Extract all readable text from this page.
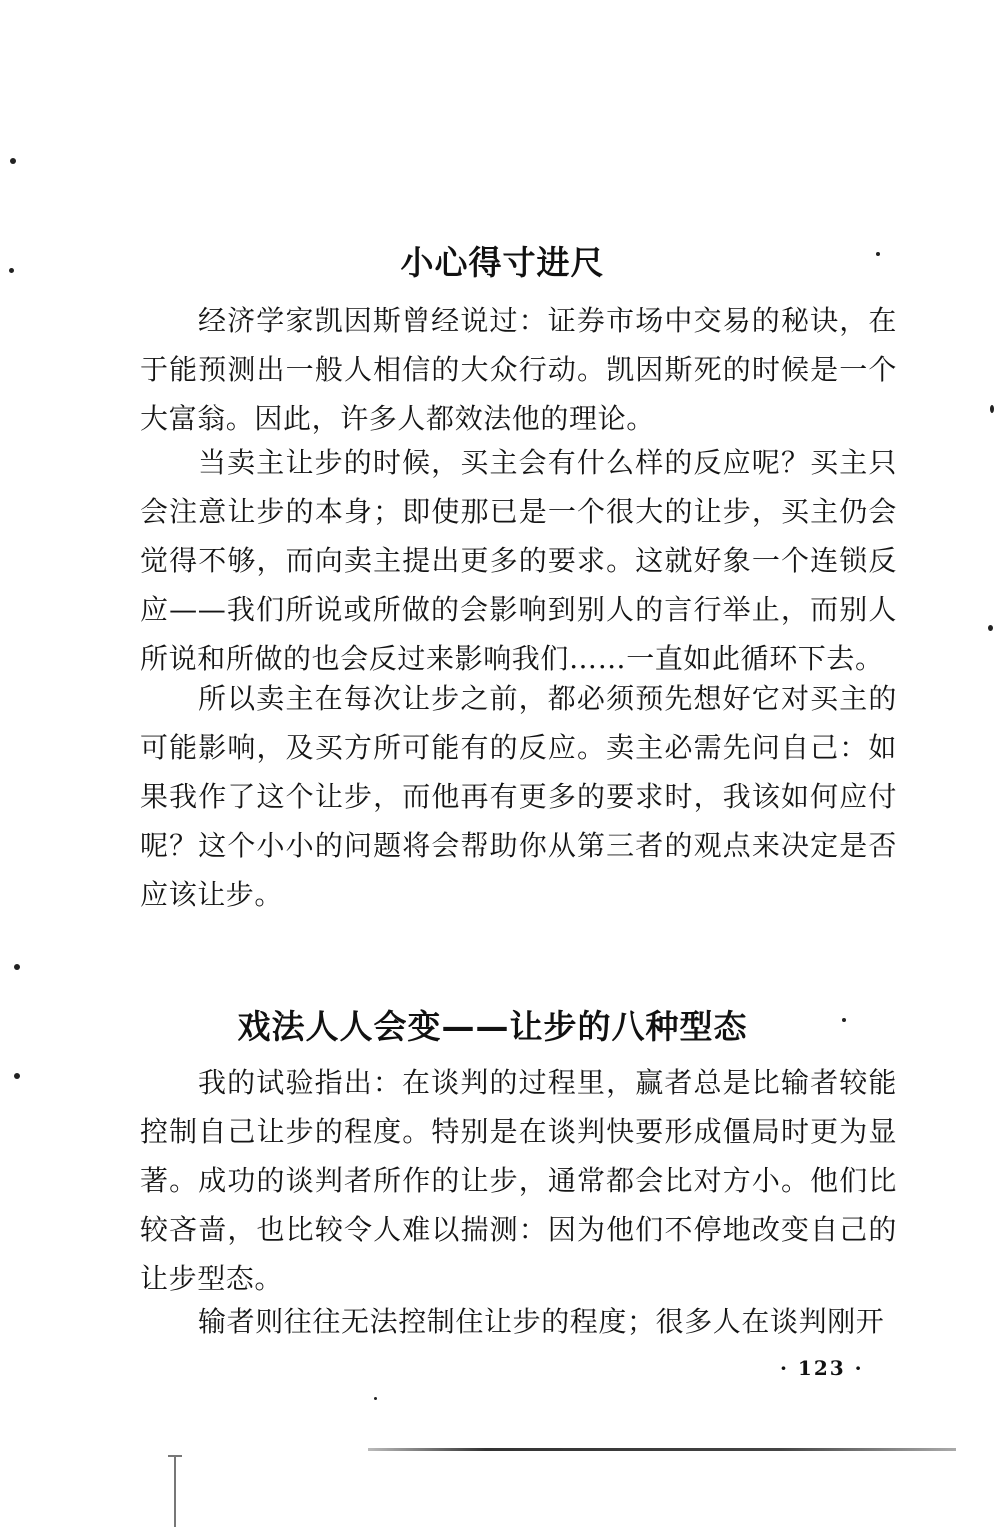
小心得寸进尺

经济学家凯因斯曾经说过：证券市场中交易的秘诀，在于能预测出一般人相信的大众行动。凯因斯死的时候是一个大富翁。因此，许多人都效法他的理论。

当卖主让步的时候，买主会有什么样的反应呢？买主只会注意让步的本身；即使那已是一个很大的让步，买主仍会觉得不够，而向卖主提出更多的要求。这就好象一个连锁反应——我们所说或所做的会影响到别人的言行举止，而别人所说和所做的也会反过来影响我们……一直如此循环下去。

所以卖主在每次让步之前，都必须预先想好它对买主的可能影响，及买方所可能有的反应。卖主必需先问自己：如果我作了这个让步，而他再有更多的要求时，我该如何应付呢？这个小小的问题将会帮助你从第三者的观点来决定是否应该让步。

戏法人人会变——让步的八种型态

我的试验指出：在谈判的过程里，赢者总是比输者较能控制自己让步的程度。特别是在谈判快要形成僵局时更为显著。成功的谈判者所作的让步，通常都会比对方小。他们比较吝啬，也比较令人难以揣测：因为他们不停地改变自己的让步型态。

输者则往往无法控制住让步的程度；很多人在谈判刚开

· 123 ·
